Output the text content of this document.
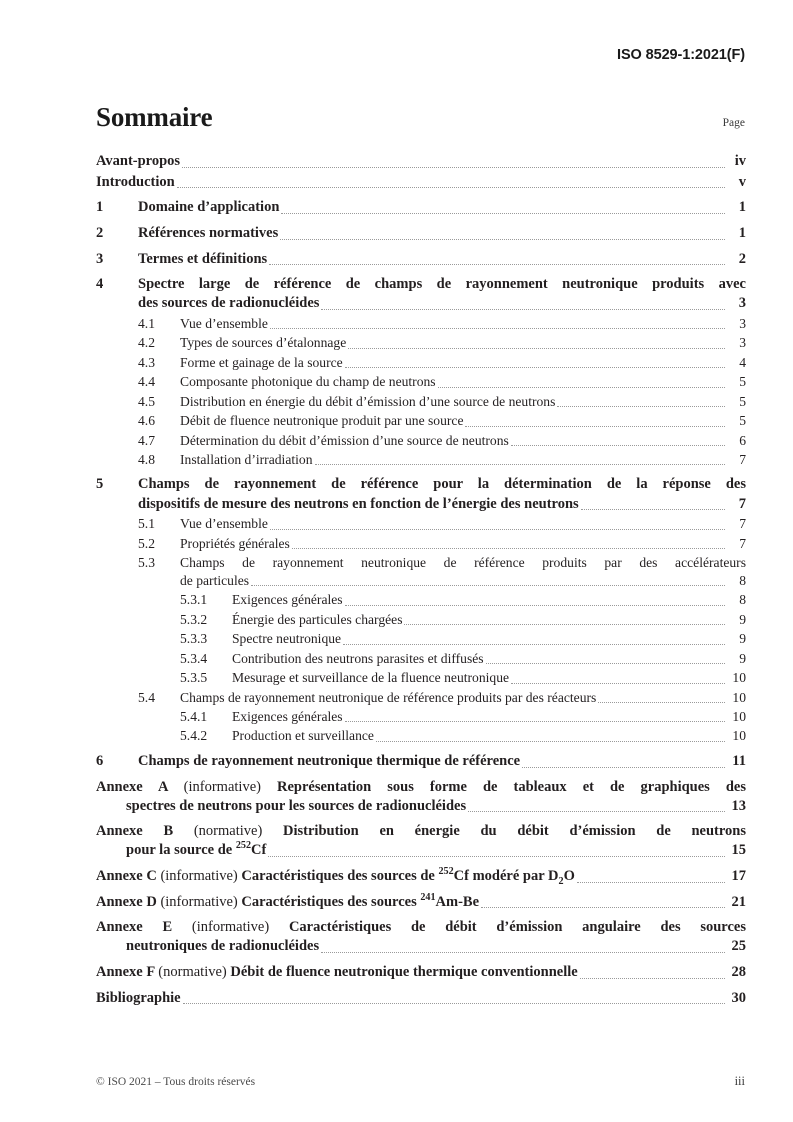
ISO 8529-1:2021(F)
Sommaire	Page
Avant-propos	iv
Introduction	v
1	Domaine d’application	1
2	Références normatives	1
3	Termes et définitions	2
4	Spectre large de référence de champs de rayonnement neutronique produits avec
des sources de radionucléides	3
4.1	Vue d’ensemble	3
4.2	Types de sources d’étalonnage	3
4.3	Forme et gainage de la source	4
4.4	Composante photonique du champ de neutrons	5
4.5	Distribution en énergie du débit d’émission d’une source de neutrons	5
4.6	Débit de fluence neutronique produit par une source	5
4.7	Détermination du débit d’émission d’une source de neutrons	6
4.8	Installation d’irradiation	7
5	Champs de rayonnement de référence pour la détermination de la réponse des
dispositifs de mesure des neutrons en fonction de l’énergie des neutrons	7
5.1	Vue d’ensemble	7
5.2	Propriétés générales	7
5.3	Champs de rayonnement neutronique de référence produits par des accélérateurs
de particules	8
5.3.1	Exigences générales	8
5.3.2	Énergie des particules chargées	9
5.3.3	Spectre neutronique	9
5.3.4	Contribution des neutrons parasites et diffusés	9
5.3.5	Mesurage et surveillance de la fluence neutronique	10
5.4	Champs de rayonnement neutronique de référence produits par des réacteurs	10
5.4.1	Exigences générales	10
5.4.2	Production et surveillance	10
6	Champs de rayonnement neutronique thermique de référence	11
Annexe A (informative) Représentation sous forme de tableaux et de graphiques des
spectres de neutrons pour les sources de radionucléides	13
Annexe B (normative) Distribution en énergie du débit d’émission de neutrons
pour la source de $^{252}$Cf	15
Annexe C (informative) Caractéristiques des sources de $^{252}$Cf modéré par $D_2O$	17
Annexe D (informative) Caractéristiques des sources $^{241}$Am-Be	21
Annexe E (informative) Caractéristiques de débit d’émission angulaire des sources
neutroniques de radionucléides	25
Annexe F (normative) Débit de fluence neutronique thermique conventionnelle	28
Bibliographie	30
© ISO 2021 – Tous droits réservés	iii
